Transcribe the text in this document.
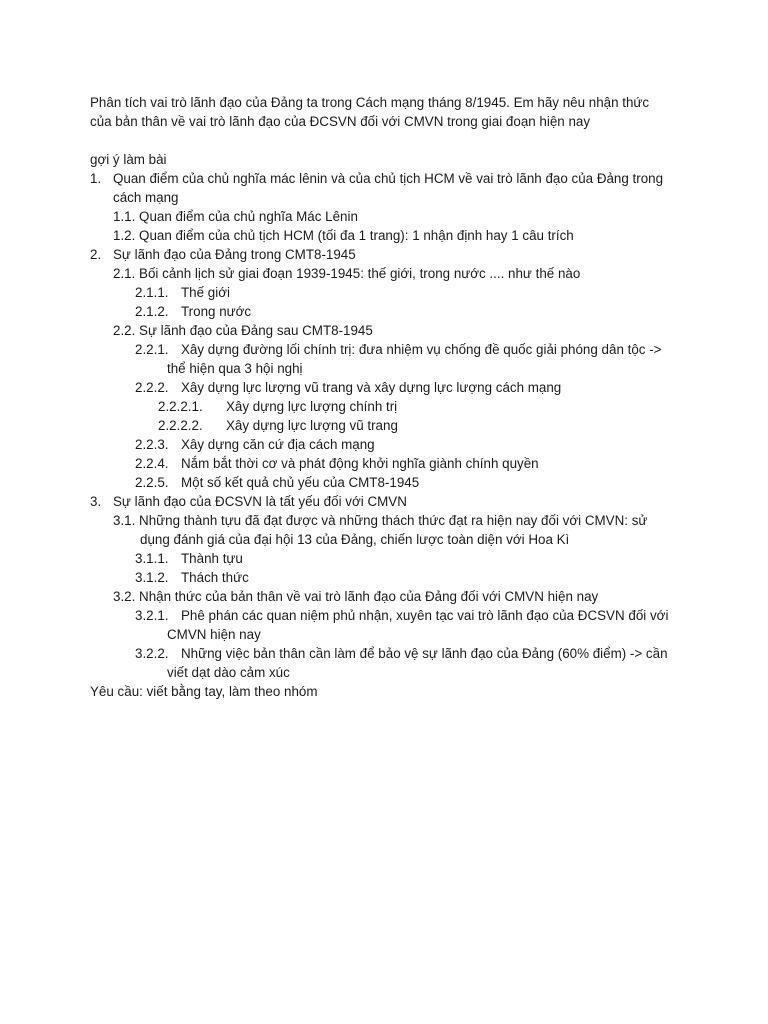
Phân tích vai trò lãnh đạo của Đảng ta trong Cách mạng tháng 8/1945. Em hãy nêu nhận thức
của bản thân về vai trò lãnh đạo của ĐCSVN đối với CMVN trong giai đoạn hiện nay
gợi ý làm bài
1. Quan điểm của chủ nghĩa mác lênin và của chủ tịch HCM về vai trò lãnh đạo của Đảng trong
cách mạng
1.1. Quan điểm của chủ nghĩa Mác Lênin
1.2. Quan điểm của chủ tịch HCM (tối đa 1 trang): 1 nhận định hay 1 câu trích
2. Sự lãnh đạo của Đảng trong CMT8-1945
2.1. Bối cảnh lịch sử giai đoạn 1939-1945: thế giới, trong nước .... như thế nào
2.1.1. Thế giới
2.1.2. Trong nước
2.2. Sự lãnh đạo của Đảng sau CMT8-1945
2.2.1. Xây dựng đường lối chính trị: đưa nhiệm vụ chống đề quốc giải phóng dân tộc ->
thể hiện qua 3 hội nghị
2.2.2. Xây dựng lực lượng vũ trang và xây dựng lực lượng cách mạng
2.2.2.1. Xây dựng lực lượng chính trị
2.2.2.2. Xây dựng lực lượng vũ trang
2.2.3. Xây dựng căn cứ địa cách mạng
2.2.4. Nắm bắt thời cơ và phát động khởi nghĩa giành chính quyền
2.2.5. Một số kết quả chủ yếu của CMT8-1945
3. Sự lãnh đạo của ĐCSVN là tất yếu đối với CMVN
3.1. Những thành tựu đã đạt được và những thách thức đạt ra hiện nay đối với CMVN: sử
dụng đánh giá của đại hội 13 của Đảng, chiến lược toàn diện với Hoa Kì
3.1.1. Thành tựu
3.1.2. Thách thức
3.2. Nhận thức của bản thân về vai trò lãnh đạo của Đảng đối với CMVN hiện nay
3.2.1. Phê phán các quan niệm phủ nhận, xuyên tạc vai trò lãnh đạo của ĐCSVN đối với
CMVN hiện nay
3.2.2. Những việc bản thân cần làm để bảo vệ sự lãnh đạo của Đảng (60% điểm) -> cần
viết dạt dào cảm xúc
Yêu cầu: viết bằng tay, làm theo nhóm
